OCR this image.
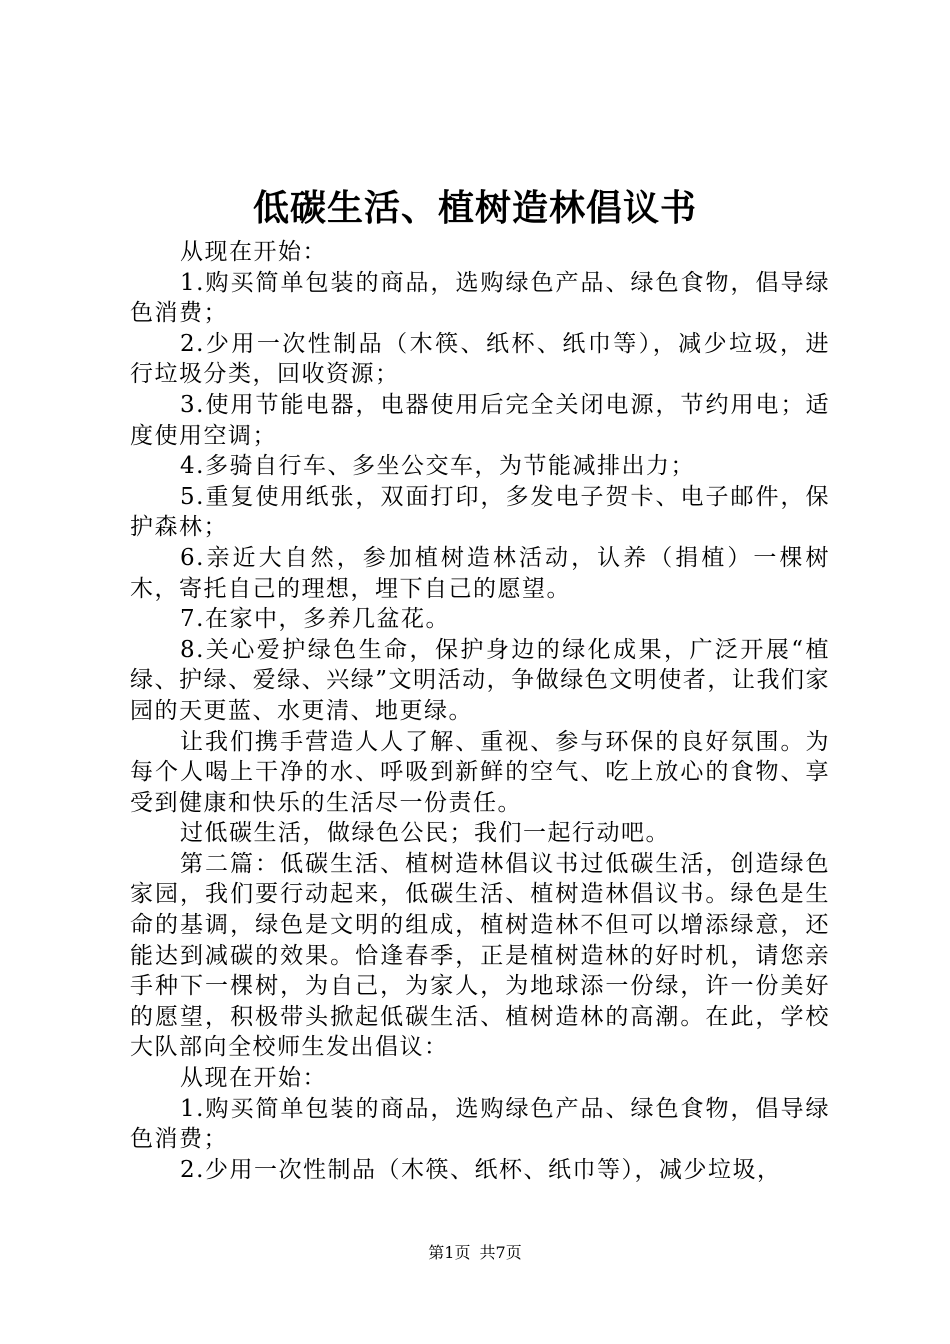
低碳生活、植树造林倡议书

从现在开始：

1.购买简单包装的商品，选购绿色产品、绿色食物，倡导绿色消费；

2.少用一次性制品（木筷、纸杯、纸巾等），减少垃圾，进行垃圾分类，回收资源；

3.使用节能电器，电器使用后完全关闭电源，节约用电；适度使用空调；

4.多骑自行车、多坐公交车，为节能减排出力；

5.重复使用纸张，双面打印，多发电子贺卡、电子邮件，保护森林；

6.亲近大自然，参加植树造林活动，认养（捐植）一棵树木，寄托自己的理想，埋下自己的愿望。

7.在家中，多养几盆花。

8.关心爱护绿色生命，保护身边的绿化成果，广泛开展“植绿、护绿、爱绿、兴绿”文明活动，争做绿色文明使者，让我们家园的天更蓝、水更清、地更绿。

让我们携手营造人人了解、重视、参与环保的良好氛围。为每个人喝上干净的水、呼吸到新鲜的空气、吃上放心的食物、享受到健康和快乐的生活尽一份责任。

过低碳生活，做绿色公民；我们一起行动吧。

第二篇：低碳生活、植树造林倡议书过低碳生活，创造绿色家园，我们要行动起来，低碳生活、植树造林倡议书。绿色是生命的基调，绿色是文明的组成，植树造林不但可以增添绿意，还能达到减碳的效果。恰逢春季，正是植树造林的好时机，请您亲手种下一棵树，为自己，为家人，为地球添一份绿，许一份美好的愿望，积极带头掀起低碳生活、植树造林的高潮。在此，学校大队部向全校师生发出倡议：

从现在开始：

1.购买简单包装的商品，选购绿色产品、绿色食物，倡导绿色消费；

2.少用一次性制品（木筷、纸杯、纸巾等），减少垃圾，

第1页 共7页
